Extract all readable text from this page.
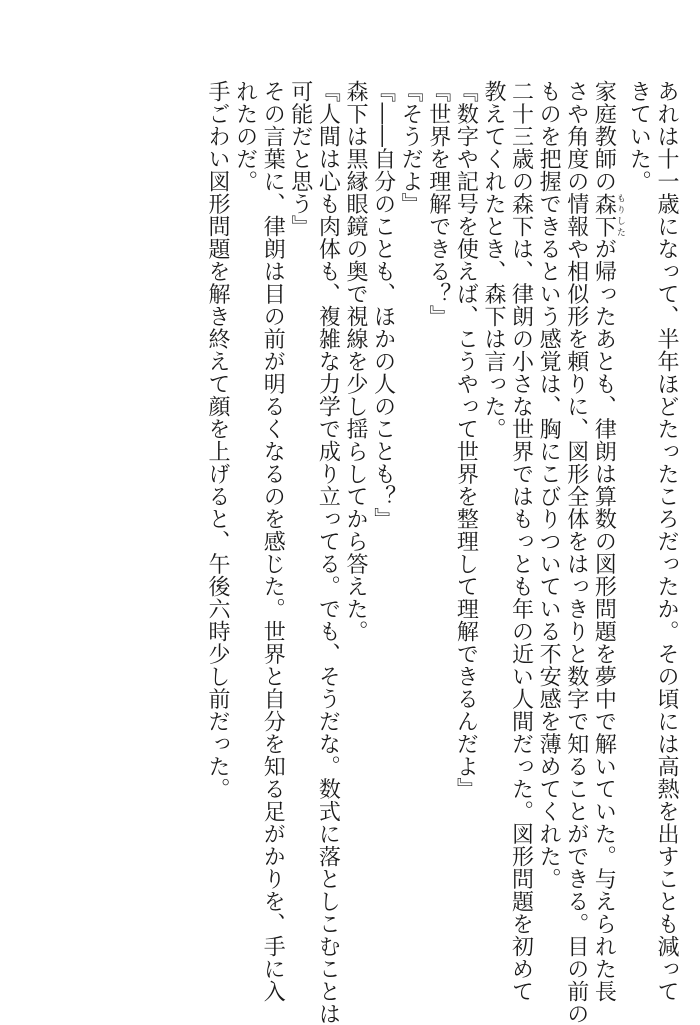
あれは十一歳になって、半年ほどたったころだったか。その頃には高熱を出すことも減って
きていた。
家庭教師の森下もりしたが帰ったあとも、律朗は算数の図形問題を夢中で解いていた。与えられた長
さや角度の情報や相似形を頼りに、図形全体をはっきりと数字で知ることができる。目の前の
ものを把握できるという感覚は、胸にこびりついている不安感を薄めてくれた。
二十三歳の森下は、律朗の小さな世界ではもっとも年の近い人間だった。図形問題を初めて
教えてくれたとき、森下は言った。
『数字や記号を使えば、こうやって世界を整理して理解できるんだよ』
『世界を理解できる？』
『そうだよ』
『――自分のことも、ほかの人のことも？』
森下は黒縁眼鏡の奥で視線を少し揺らしてから答えた。
『人間は心も肉体も、複雑な力学で成り立ってる。でも、そうだな。数式に落としこむことは
可能だと思う』
その言葉に、律朗は目の前が明るくなるのを感じた。世界と自分を知る足がかりを、手に入
れたのだ。
手ごわい図形問題を解き終えて顔を上げると、午後六時少し前だった。
